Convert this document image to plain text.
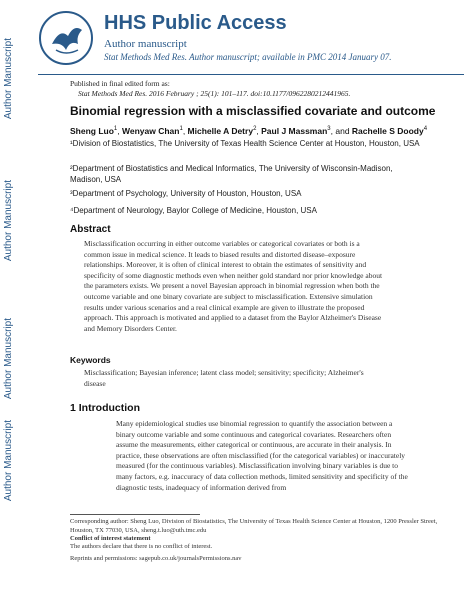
Author Manuscript
Author Manuscript
Author Manuscript
Author Manuscript
HHS Public Access
Author manuscript
Stat Methods Med Res. Author manuscript; available in PMC 2014 January 07.
Published in final edited form as:
Stat Methods Med Res. 2016 February ; 25(1): 101–117. doi:10.1177/0962280212441965.
Binomial regression with a misclassified covariate and outcome
Sheng Luo$^1$, Wenyaw Chan$^1$, Michelle A Detry$^2$, Paul J Massman$^3$, and Rachelle S Doody$^4$
¹Division of Biostatistics, The University of Texas Health Science Center at Houston, Houston, USA
²Department of Biostatistics and Medical Informatics, The University of Wisconsin-Madison, Madison, USA
³Department of Psychology, University of Houston, Houston, USA
⁴Department of Neurology, Baylor College of Medicine, Houston, USA
Abstract
Misclassification occurring in either outcome variables or categorical covariates or both is a common issue in medical science. It leads to biased results and distorted disease–exposure relationships. Moreover, it is often of clinical interest to obtain the estimates of sensitivity and specificity of some diagnostic methods even when neither gold standard nor prior knowledge about the parameters exists. We present a novel Bayesian approach in binomial regression when both the outcome variable and one binary covariate are subject to misclassification. Extensive simulation results under various scenarios and a real clinical example are given to illustrate the proposed approach. This approach is motivated and applied to a dataset from the Baylor Alzheimer's Disease and Memory Disorders Center.
Keywords
Misclassification; Bayesian inference; latent class model; sensitivity; specificity; Alzheimer's disease
1 Introduction
Many epidemiological studies use binomial regression to quantify the association between a binary outcome variable and some continuous and categorical covariates. Researchers often assume the measurements, either categorical or continuous, are accurate in their analysis. In practice, these observations are often misclassified (for the categorical variables) or inaccurately measured (for the continuous variables). Misclassification involving binary variables is due to many factors, e.g. inaccuracy of data collection methods, limited sensitivity and specificity of the diagnostic tests, inadequacy of information derived from
Corresponding author: Sheng Luo, Division of Biostatistics, The University of Texas Health Science Center at Houston, 1200 Pressler Street, Houston, TX 77030, USA, sheng.t.luo@uth.tmc.edu
Conflict of interest statement
The authors declare that there is no conflict of interest.
Reprints and permissions: sagepub.co.uk/journalsPermissions.nav
